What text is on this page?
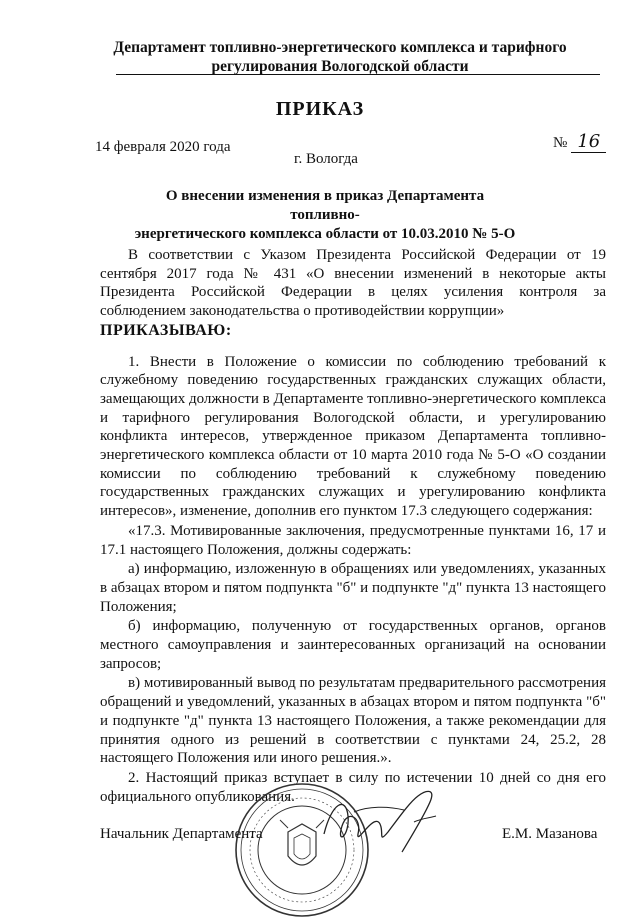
Департамент топливно-энергетического комплекса и тарифного
регулирования Вологодской области
ПРИКАЗ
14 февраля 2020 года	№ 16
г. Вологда
О внесении изменения в приказ Департамента топливно-
энергетического комплекса области от 10.03.2010 № 5-О

В соответствии с Указом Президента Российской Федерации от 19 сентября 2017 года № 431 «О внесении изменений в некоторые акты Президента Российской Федерации в целях усиления контроля за соблюдением законодательства о противодействии коррупции»

ПРИКАЗЫВАЮ:

1. Внести в Положение о комиссии по соблюдению требований к служебному поведению государственных гражданских служащих области, замещающих должности в Департаменте топливно-энергетического комплекса и тарифного регулирования Вологодской области, и урегулированию конфликта интересов, утвержденное приказом Департамента топливно-энергетического комплекса области от 10 марта 2010 года № 5-О «О создании комиссии по соблюдению требований к служебному поведению государственных гражданских служащих и урегулированию конфликта интересов», изменение, дополнив его пунктом 17.3 следующего содержания:

«17.3. Мотивированные заключения, предусмотренные пунктами 16, 17 и 17.1 настоящего Положения, должны содержать:

а) информацию, изложенную в обращениях или уведомлениях, указанных в абзацах втором и пятом подпункта "б" и подпункте "д" пункта 13 настоящего Положения;

б) информацию, полученную от государственных органов, органов местного самоуправления и заинтересованных организаций на основании запросов;

в) мотивированный вывод по результатам предварительного рассмотрения обращений и уведомлений, указанных в абзацах втором и пятом подпункта "б" и подпункте "д" пункта 13 настоящего Положения, а также рекомендации для принятия одного из решений в соответствии с пунктами 24, 25.2, 28 настоящего Положения или иного решения.».

2. Настоящий приказ вступает в силу по истечении 10 дней со дня его официального опубликования.

Начальник Департамента	Е.М. Мазанова
